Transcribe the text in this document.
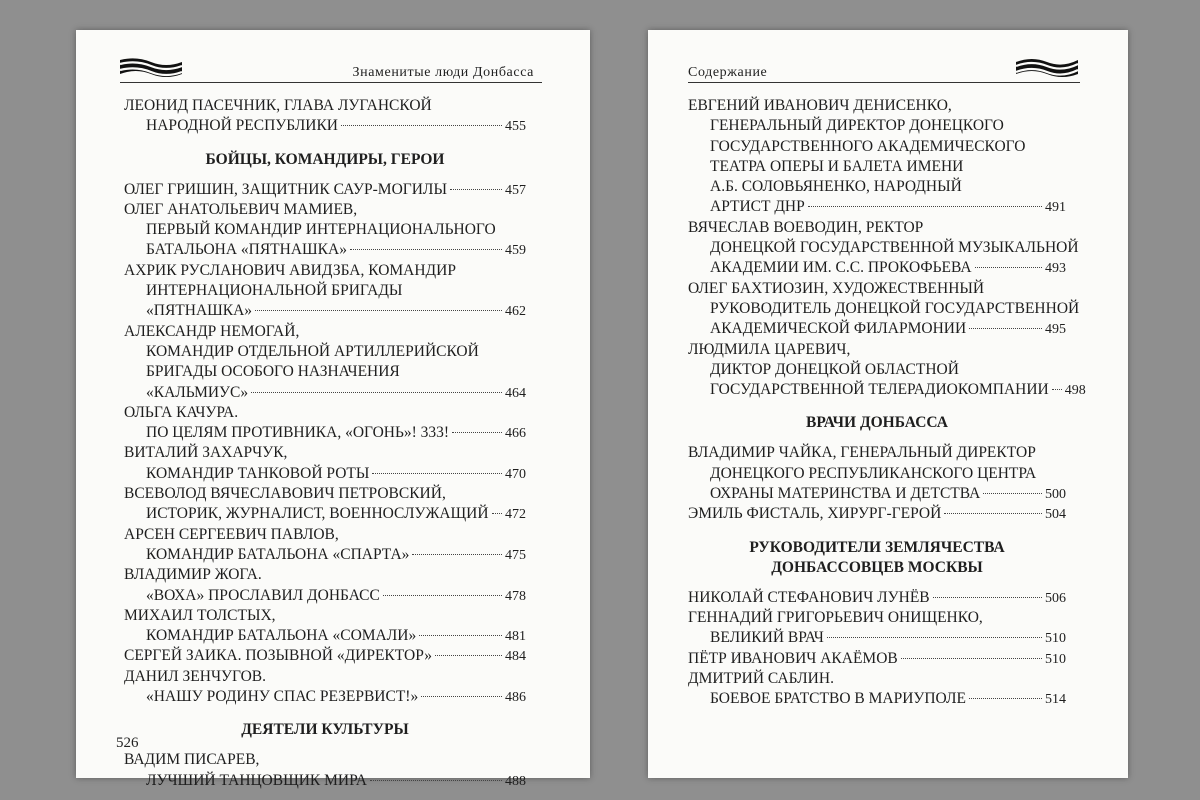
Знаменитые люди Донбасса
ЛЕОНИД ПАСЕЧНИК, ГЛАВА ЛУГАНСКОЙ
НАРОДНОЙ РЕСПУБЛИКИ	455
БОЙЦЫ, КОМАНДИРЫ, ГЕРОИ
ОЛЕГ ГРИШИН, ЗАЩИТНИК САУР-МОГИЛЫ	457
ОЛЕГ АНАТОЛЬЕВИЧ МАМИЕВ,
ПЕРВЫЙ КОМАНДИР ИНТЕРНАЦИОНАЛЬНОГО
БАТАЛЬОНА «ПЯТНАШКА»	459
АХРИК РУСЛАНОВИЧ АВИДЗБА, КОМАНДИР
ИНТЕРНАЦИОНАЛЬНОЙ БРИГАДЫ
«ПЯТНАШКА»	462
АЛЕКСАНДР НЕМОГАЙ,
КОМАНДИР ОТДЕЛЬНОЙ АРТИЛЛЕРИЙСКОЙ
БРИГАДЫ ОСОБОГО НАЗНАЧЕНИЯ
«КАЛЬМИУС»	464
ОЛЬГА КАЧУРА.
ПО ЦЕЛЯМ ПРОТИВНИКА, «ОГОНЬ»! 333!	466
ВИТАЛИЙ ЗАХАРЧУК,
КОМАНДИР ТАНКОВОЙ РОТЫ	470
ВСЕВОЛОД ВЯЧЕСЛАВОВИЧ ПЕТРОВСКИЙ,
ИСТОРИК, ЖУРНАЛИСТ, ВОЕННОСЛУЖАЩИЙ 472
АРСЕН СЕРГЕЕВИЧ ПАВЛОВ,
КОМАНДИР БАТАЛЬОНА «СПАРТА»	475
ВЛАДИМИР ЖОГА.
«ВОХА» ПРОСЛАВИЛ ДОНБАСС	478
МИХАИЛ ТОЛСТЫХ,
КОМАНДИР БАТАЛЬОНА «СОМАЛИ»	481
СЕРГЕЙ ЗАИКА. ПОЗЫВНОЙ «ДИРЕКТОР»	484
ДАНИЛ ЗЕНЧУГОВ.
«НАШУ РОДИНУ СПАС РЕЗЕРВИСТ!»	486
ДЕЯТЕЛИ КУЛЬТУРЫ
ВАДИМ ПИСАРЕВ,
ЛУЧШИЙ ТАНЦОВЩИК МИРА	488
526
Содержание
ЕВГЕНИЙ ИВАНОВИЧ ДЕНИСЕНКО,
ГЕНЕРАЛЬНЫЙ ДИРЕКТОР ДОНЕЦКОГО
ГОСУДАРСТВЕННОГО АКАДЕМИЧЕСКОГО
ТЕАТРА ОПЕРЫ И БАЛЕТА ИМЕНИ
А.Б. СОЛОВЬЯНЕНКО, НАРОДНЫЙ
АРТИСТ ДНР	491
ВЯЧЕСЛАВ ВОЕВОДИН, РЕКТОР
ДОНЕЦКОЙ ГОСУДАРСТВЕННОЙ МУЗЫКАЛЬНОЙ
АКАДЕМИИ ИМ. С.С. ПРОКОФЬЕВА	493
ОЛЕГ БАХТИОЗИН, ХУДОЖЕСТВЕННЫЙ
РУКОВОДИТЕЛЬ ДОНЕЦКОЙ ГОСУДАРСТВЕННОЙ
АКАДЕМИЧЕСКОЙ ФИЛАРМОНИИ	495
ЛЮДМИЛА ЦАРЕВИЧ,
ДИКТОР ДОНЕЦКОЙ ОБЛАСТНОЙ
ГОСУДАРСТВЕННОЙ ТЕЛЕРАДИОКОМПАНИИ 498
ВРАЧИ ДОНБАССА
ВЛАДИМИР ЧАЙКА, ГЕНЕРАЛЬНЫЙ ДИРЕКТОР
ДОНЕЦКОГО РЕСПУБЛИКАНСКОГО ЦЕНТРА
ОХРАНЫ МАТЕРИНСТВА И ДЕТСТВА	500
ЭМИЛЬ ФИСТАЛЬ, ХИРУРГ-ГЕРОЙ	504
РУКОВОДИТЕЛИ ЗЕМЛЯЧЕСТВА
ДОНБАССОВЦЕВ МОСКВЫ
НИКОЛАЙ СТЕФАНОВИЧ ЛУНЁВ	506
ГЕННАДИЙ ГРИГОРЬЕВИЧ ОНИЩЕНКО,
ВЕЛИКИЙ ВРАЧ	510
ПЁТР ИВАНОВИЧ АКАЁМОВ	510
ДМИТРИЙ САБЛИН.
БОЕВОЕ БРАТСТВО В МАРИУПОЛЕ	514
